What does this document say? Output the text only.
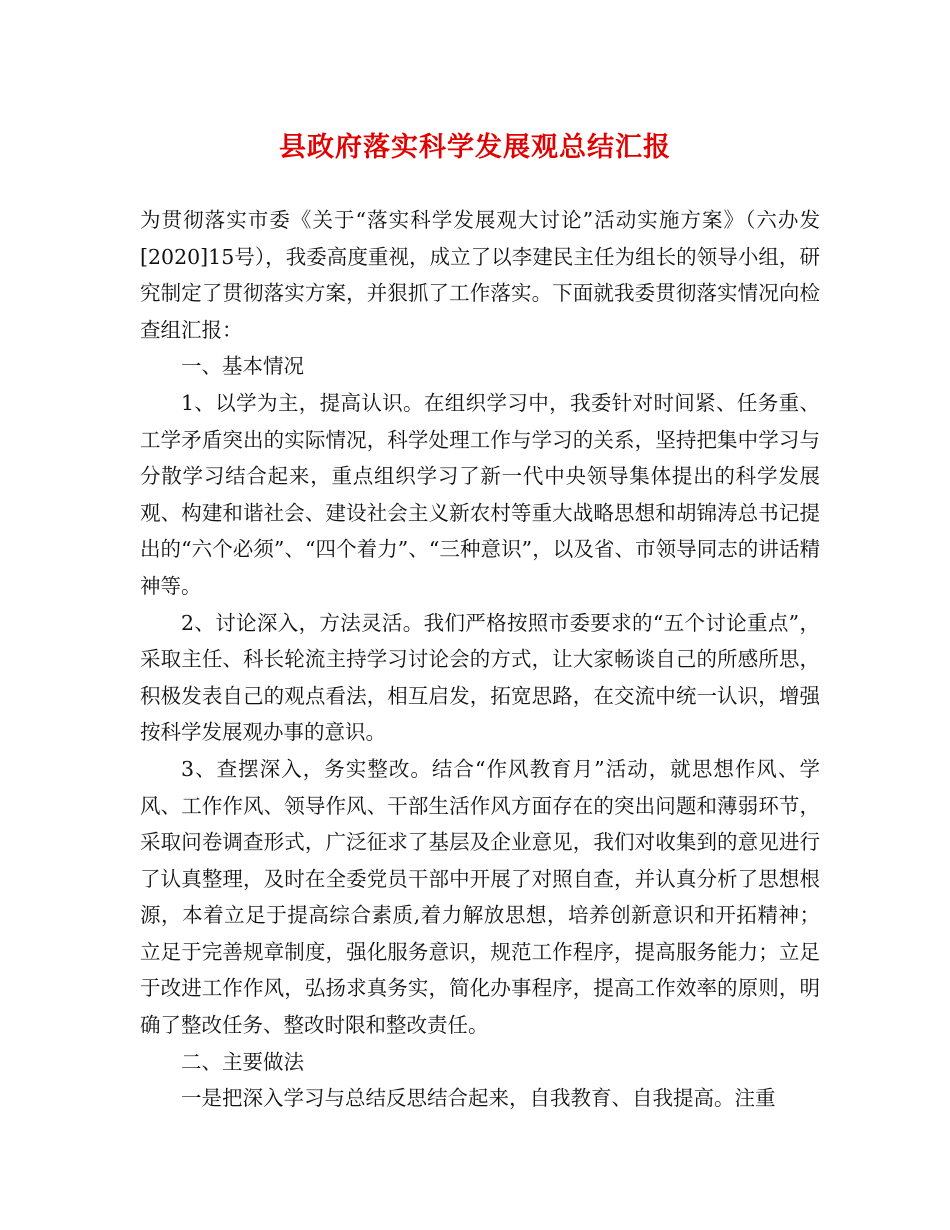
县政府落实科学发展观总结汇报

为贯彻落实市委《关于“落实科学发展观大讨论”活动实施方案》（六办发[2020]15号），我委高度重视，成立了以李建民主任为组长的领导小组，研究制定了贯彻落实方案，并狠抓了工作落实。下面就我委贯彻落实情况向检查组汇报：

一、基本情况

1、以学为主，提高认识。在组织学习中，我委针对时间紧、任务重、工学矛盾突出的实际情况，科学处理工作与学习的关系，坚持把集中学习与分散学习结合起来，重点组织学习了新一代中央领导集体提出的科学发展观、构建和谐社会、建设社会主义新农村等重大战略思想和胡锦涛总书记提出的“六个必须”、“四个着力”、“三种意识”，以及省、市领导同志的讲话精神等。

2、讨论深入，方法灵活。我们严格按照市委要求的“五个讨论重点”，采取主任、科长轮流主持学习讨论会的方式，让大家畅谈自己的所感所思，积极发表自己的观点看法，相互启发，拓宽思路，在交流中统一认识，增强按科学发展观办事的意识。

3、查摆深入，务实整改。结合“作风教育月”活动，就思想作风、学风、工作作风、领导作风、干部生活作风方面存在的突出问题和薄弱环节，采取问卷调查形式，广泛征求了基层及企业意见，我们对收集到的意见进行了认真整理，及时在全委党员干部中开展了对照自查，并认真分析了思想根源，本着立足于提高综合素质,着力解放思想，培养创新意识和开拓精神；立足于完善规章制度，强化服务意识，规范工作程序，提高服务能力；立足于改进工作作风，弘扬求真务实，简化办事程序，提高工作效率的原则，明确了整改任务、整改时限和整改责任。

二、主要做法

一是把深入学习与总结反思结合起来，自我教育、自我提高。注重
